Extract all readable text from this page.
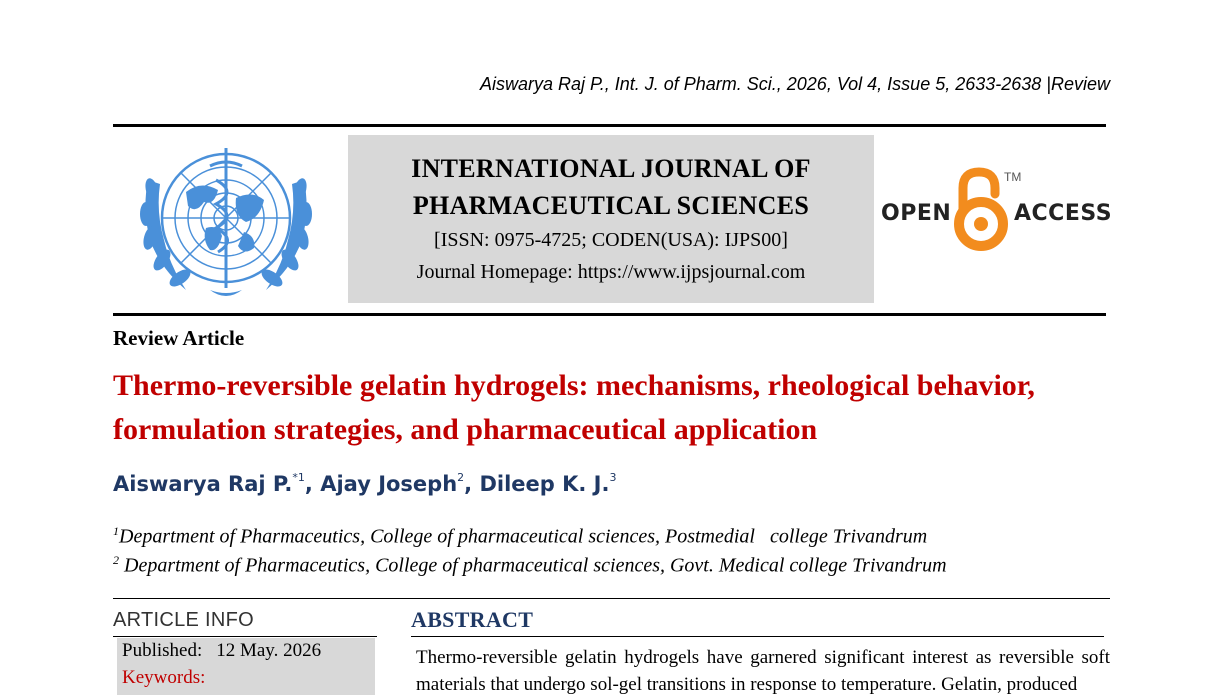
Aiswarya Raj P., Int. J. of Pharm. Sci., 2026, Vol 4, Issue 5, 2633-2638 |Review
INTERNATIONAL JOURNAL OF
PHARMACEUTICAL SCIENCES
[ISSN: 0975-4725; CODEN(USA): IJPS00]
Journal Homepage: https://www.ijpsjournal.com
OPEN
TM
ACCESS
Review Article
Thermo-reversible gelatin hydrogels: mechanisms, rheological behavior,
formulation strategies, and pharmaceutical application
Aiswarya Raj P.$^{*1}$, Ajay Joseph$^2$, Dileep K. J.$^3$
$^1$Department of Pharmaceutics, College of pharmaceutical sciences, Postmedial   college Trivandrum
$^2$ Department of Pharmaceutics, College of pharmaceutical sciences, Govt. Medical college Trivandrum
ARTICLE INFO
Published: 12 May. 2026
Keywords:
ABSTRACT
Thermo-reversible gelatin hydrogels have garnered significant interest as reversible soft materials that undergo sol-gel transitions in response to temperature. Gelatin, produced
